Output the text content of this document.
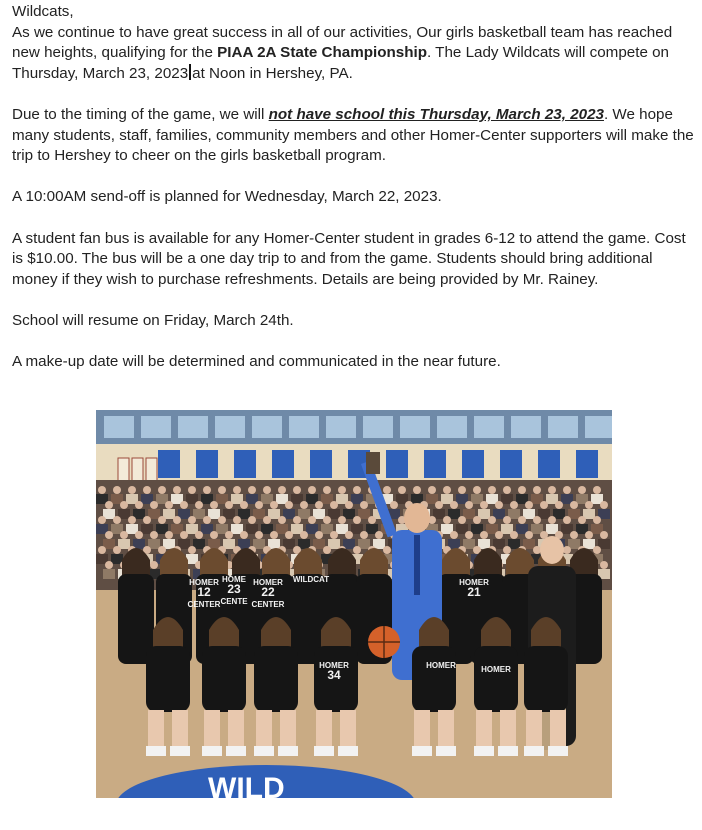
Wildcats,

As we continue to have great success in all of our activities, Our girls basketball team has reached new heights, qualifying for the PIAA 2A State Championship. The Lady Wildcats will compete on Thursday, March 23, 2023 at Noon in Hershey, PA.

Due to the timing of the game, we will not have school this Thursday, March 23, 2023. We hope many students, staff, families, community members and other Homer-Center supporters will make the trip to Hershey to cheer on the girls basketball program.

A 10:00AM send-off is planned for Wednesday, March 22, 2023.

A student fan bus is available for any Homer-Center student in grades 6-12 to attend the game. Cost is $10.00. The bus will be a one day trip to and from the game. Students should bring additional money if they wish to purchase refreshments. Details are being provided by Mr. Rainey.

School will resume on Friday, March 24th.

A make-up date will be determined and communicated in the near future.

WILD
HOMER
12
CENTER
HOME
23
CENTE
HOMER
22
CENTER
WILDCAT
HOMER
34
HOMER
HOMER
21
HOMER
